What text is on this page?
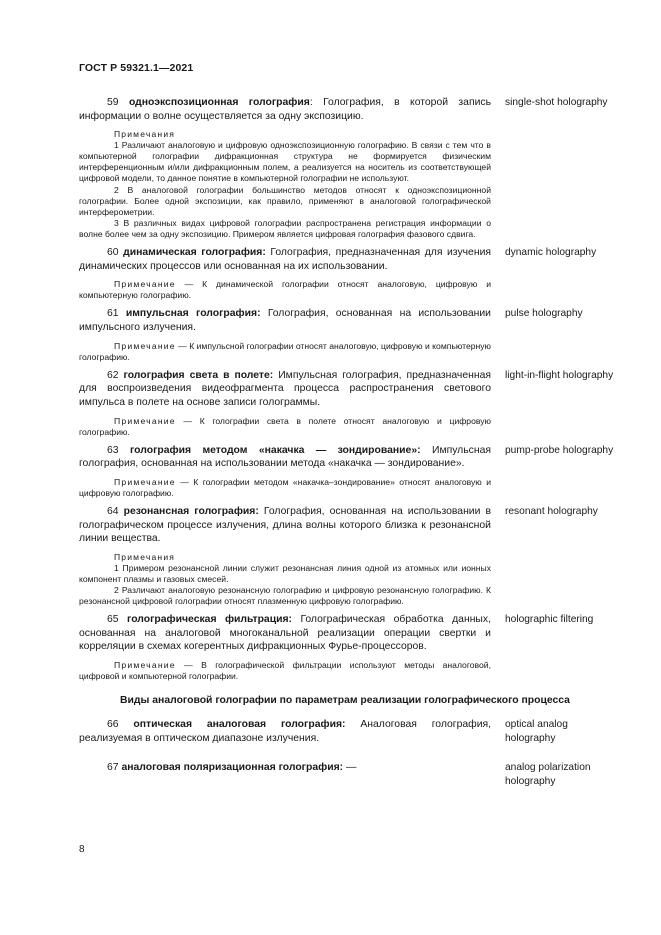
ГОСТ Р 59321.1—2021
59 одноэкспозиционная голография: Голография, в которой запись информации о волне осуществляется за одну экспозицию.
single-shot holography
Примечания
1 Различают аналоговую и цифровую одноэкспозиционную голографию. В связи с тем что в компьютерной голографии дифракционная структура не формируется физическим интерференционным и/или дифракционным полем, а реализуется на носитель из соответствующей цифровой модели, то данное понятие в компьютерной голографии не используют.
2 В аналоговой голографии большинство методов относят к одноэкспозиционной голографии. Более одной экспозиции, как правило, применяют в аналоговой голографической интерферометрии.
3 В различных видах цифровой голографии распространена регистрация информации о волне более чем за одну экспозицию. Примером является цифровая голография фазового сдвига.
60 динамическая голография: Голография, предназначенная для изучения динамических процессов или основанная на их использовании.
dynamic holography
Примечание — К динамической голографии относят аналоговую, цифровую и компьютерную голографию.
61 импульсная голография: Голография, основанная на использовании импульсного излучения.
pulse holography
Примечание — К импульсной голографии относят аналоговую, цифровую и компьютерную голографию.
62 голография света в полете: Импульсная голография, предназначенная для воспроизведения видеофрагмента процесса распространения светового импульса в полете на основе записи голограммы.
light-in-flight holography
Примечание — К голографии света в полете относят аналоговую и цифровую голографию.
63 голография методом «накачка — зондирование»: Импульсная голография, основанная на использовании метода «накачка — зондирование».
pump-probe holography
Примечание — К голографии методом «накачка–зондирование» относят аналоговую и цифровую голографию.
64 резонансная голография: Голография, основанная на использовании в голографическом процессе излучения, длина волны которого близка к резонансной линии вещества.
resonant holography
Примечания
1 Примером резонансной линии служит резонансная линия одной из атомных или ионных компонент плазмы и газовых смесей.
2 Различают аналоговую резонансную голографию и цифровую резонансную голографию. К резонансной цифровой голографии относят плазменную цифровую голографию.
65 голографическая фильтрация: Голографическая обработка данных, основанная на аналоговой многоканальной реализации операции свертки и корреляции в схемах когерентных дифракционных Фурье-процессоров.
holographic filtering
Примечание — В голографической фильтрации используют методы аналоговой, цифровой и компьютерной голографии.
Виды аналоговой голографии по параметрам реализации голографического процесса
66 оптическая аналоговая голография: Аналоговая голография, реализуемая в оптическом диапазоне излучения.
optical analog holography
67 аналоговая поляризационная голография: —	analog polarization holography
8
